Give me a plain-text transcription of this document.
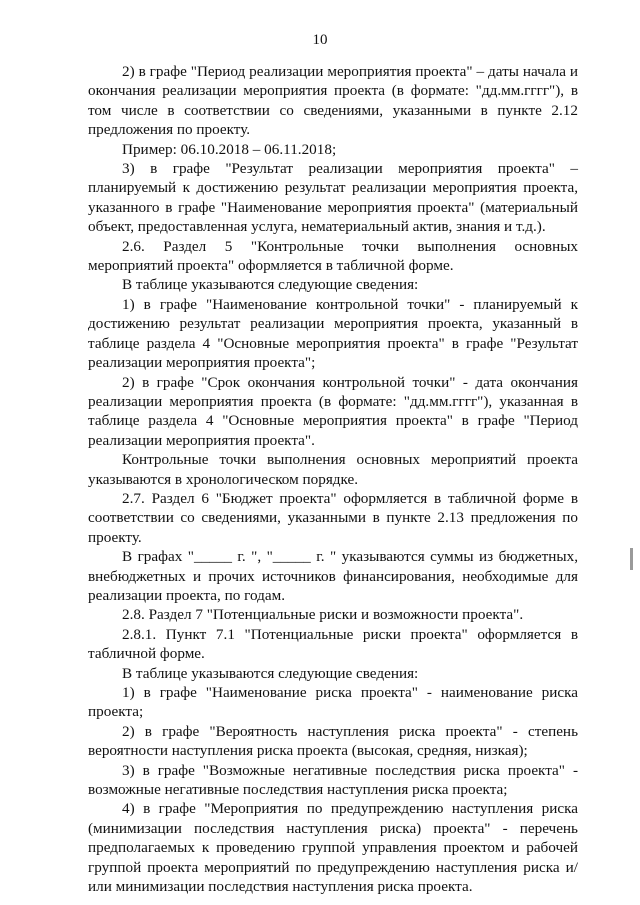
10

2) в графе "Период реализации мероприятия проекта" – даты начала и окончания реализации мероприятия проекта (в формате: "дд.мм.гггг"), в том числе в соответствии со сведениями, указанными в пункте 2.12 предложения по проекту.

Пример: 06.10.2018 – 06.11.2018;

3) в графе "Результат реализации мероприятия проекта" – планируемый к достижению результат реализации мероприятия проекта, указанного в графе "Наименование мероприятия проекта" (материальный объект, предоставленная услуга, нематериальный актив, знания и т.д.).

2.6. Раздел 5 "Контрольные точки выполнения основных мероприятий проекта" оформляется в табличной форме.

В таблице указываются следующие сведения:

1) в графе "Наименование контрольной точки" - планируемый к достижению результат реализации мероприятия проекта, указанный в таблице раздела 4 "Основные мероприятия проекта" в графе "Результат реализации мероприятия проекта";

2) в графе "Срок окончания контрольной точки" - дата окончания реализации мероприятия проекта (в формате: "дд.мм.гггг"), указанная в таблице раздела 4 "Основные мероприятия проекта" в графе "Период реализации мероприятия проекта".

Контрольные точки выполнения основных мероприятий проекта указываются в хронологическом порядке.

2.7. Раздел 6 "Бюджет проекта" оформляется в табличной форме в соответствии со сведениями, указанными в пункте 2.13 предложения по проекту.

В графах "_____ г. ", "_____ г. " указываются суммы из бюджетных, внебюджетных и прочих источников финансирования, необходимые для реализации проекта, по годам.

2.8. Раздел 7 "Потенциальные риски и возможности проекта".

2.8.1. Пункт 7.1 "Потенциальные риски проекта" оформляется в табличной форме.

В таблице указываются следующие сведения:

1) в графе "Наименование риска проекта" - наименование риска проекта;

2) в графе "Вероятность наступления риска проекта" - степень вероятности наступления риска проекта (высокая, средняя, низкая);

3) в графе "Возможные негативные последствия риска проекта" - возможные негативные последствия наступления риска проекта;

4) в графе "Мероприятия по предупреждению наступления риска (минимизации последствия наступления риска) проекта" - перечень предполагаемых к проведению группой управления проектом и рабочей группой проекта мероприятий по предупреждению наступления риска и/или минимизации последствия наступления риска проекта.
